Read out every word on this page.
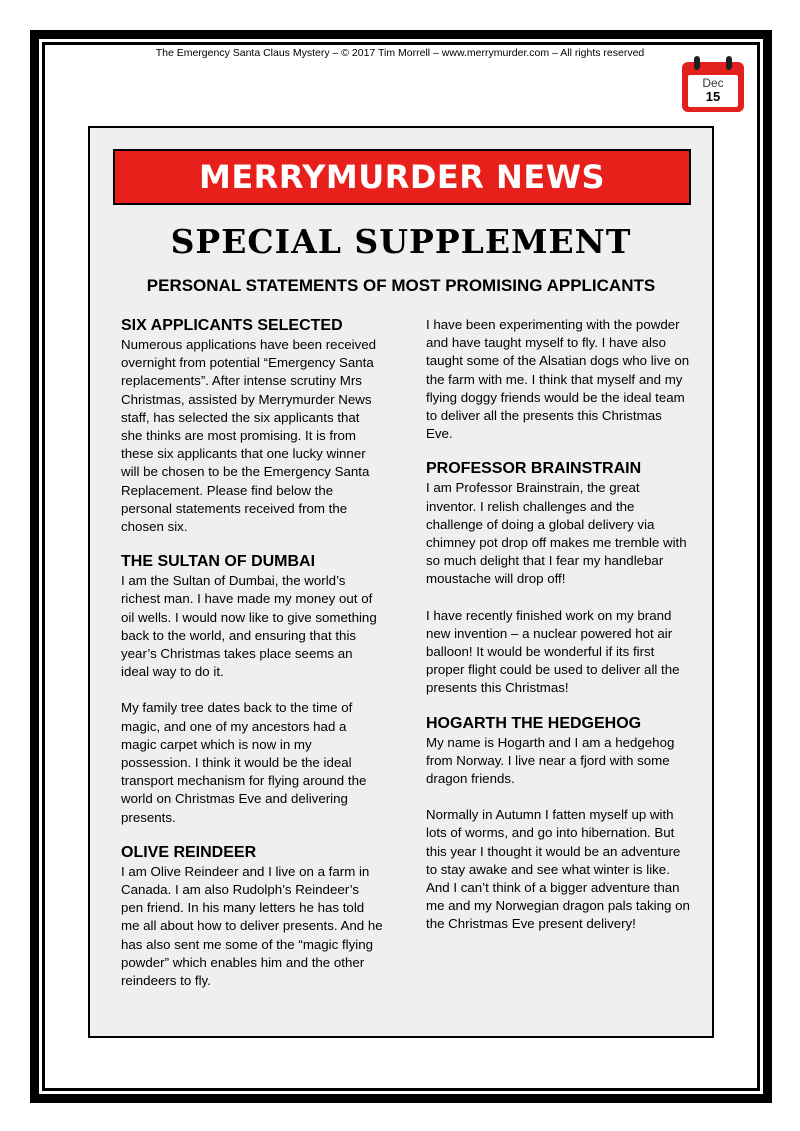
The Emergency Santa Claus Mystery – © 2017 Tim Morrell – www.merrymurder.com – All rights reserved
Dec
15
MERRYMURDER NEWS
SPECIAL SUPPLEMENT
PERSONAL STATEMENTS OF MOST PROMISING APPLICANTS
SIX APPLICANTS SELECTED

Numerous applications have been received overnight from potential “Emergency Santa replacements”. After intense scrutiny Mrs Christmas, assisted by Merrymurder News staff, has selected the six applicants that she thinks are most promising. It is from these six applicants that one lucky winner will be chosen to be the Emergency Santa Replacement. Please find below the personal statements received from the chosen six.

THE SULTAN OF DUMBAI

I am the Sultan of Dumbai, the world’s richest man. I have made my money out of oil wells. I would now like to give something back to the world, and ensuring that this year’s Christmas takes place seems an ideal way to do it.

My family tree dates back to the time of magic, and one of my ancestors had a magic carpet which is now in my possession. I think it would be the ideal transport mechanism for flying around the world on Christmas Eve and delivering presents.

OLIVE REINDEER

I am Olive Reindeer and I live on a farm in Canada. I am also Rudolph’s Reindeer’s pen friend. In his many letters he has told me all about how to deliver presents. And he has also sent me some of the “magic flying powder” which enables him and the other reindeers to fly.

I have been experimenting with the powder and have taught myself to fly. I have also taught some of the Alsatian dogs who live on the farm with me. I think that myself and my flying doggy friends would be the ideal team to deliver all the presents this Christmas Eve.

PROFESSOR BRAINSTRAIN

I am Professor Brainstrain, the great inventor. I relish challenges and the challenge of doing a global delivery via chimney pot drop off makes me tremble with so much delight that I fear my handlebar moustache will drop off!

I have recently finished work on my brand new invention – a nuclear powered hot air balloon! It would be wonderful if its first proper flight could be used to deliver all the presents this Christmas!

HOGARTH THE HEDGEHOG

My name is Hogarth and I am a hedgehog from Norway. I live near a fjord with some dragon friends.

Normally in Autumn I fatten myself up with lots of worms, and go into hibernation. But this year I thought it would be an adventure to stay awake and see what winter is like. And I can’t think of a bigger adventure than me and my Norwegian dragon pals taking on the Christmas Eve present delivery!
